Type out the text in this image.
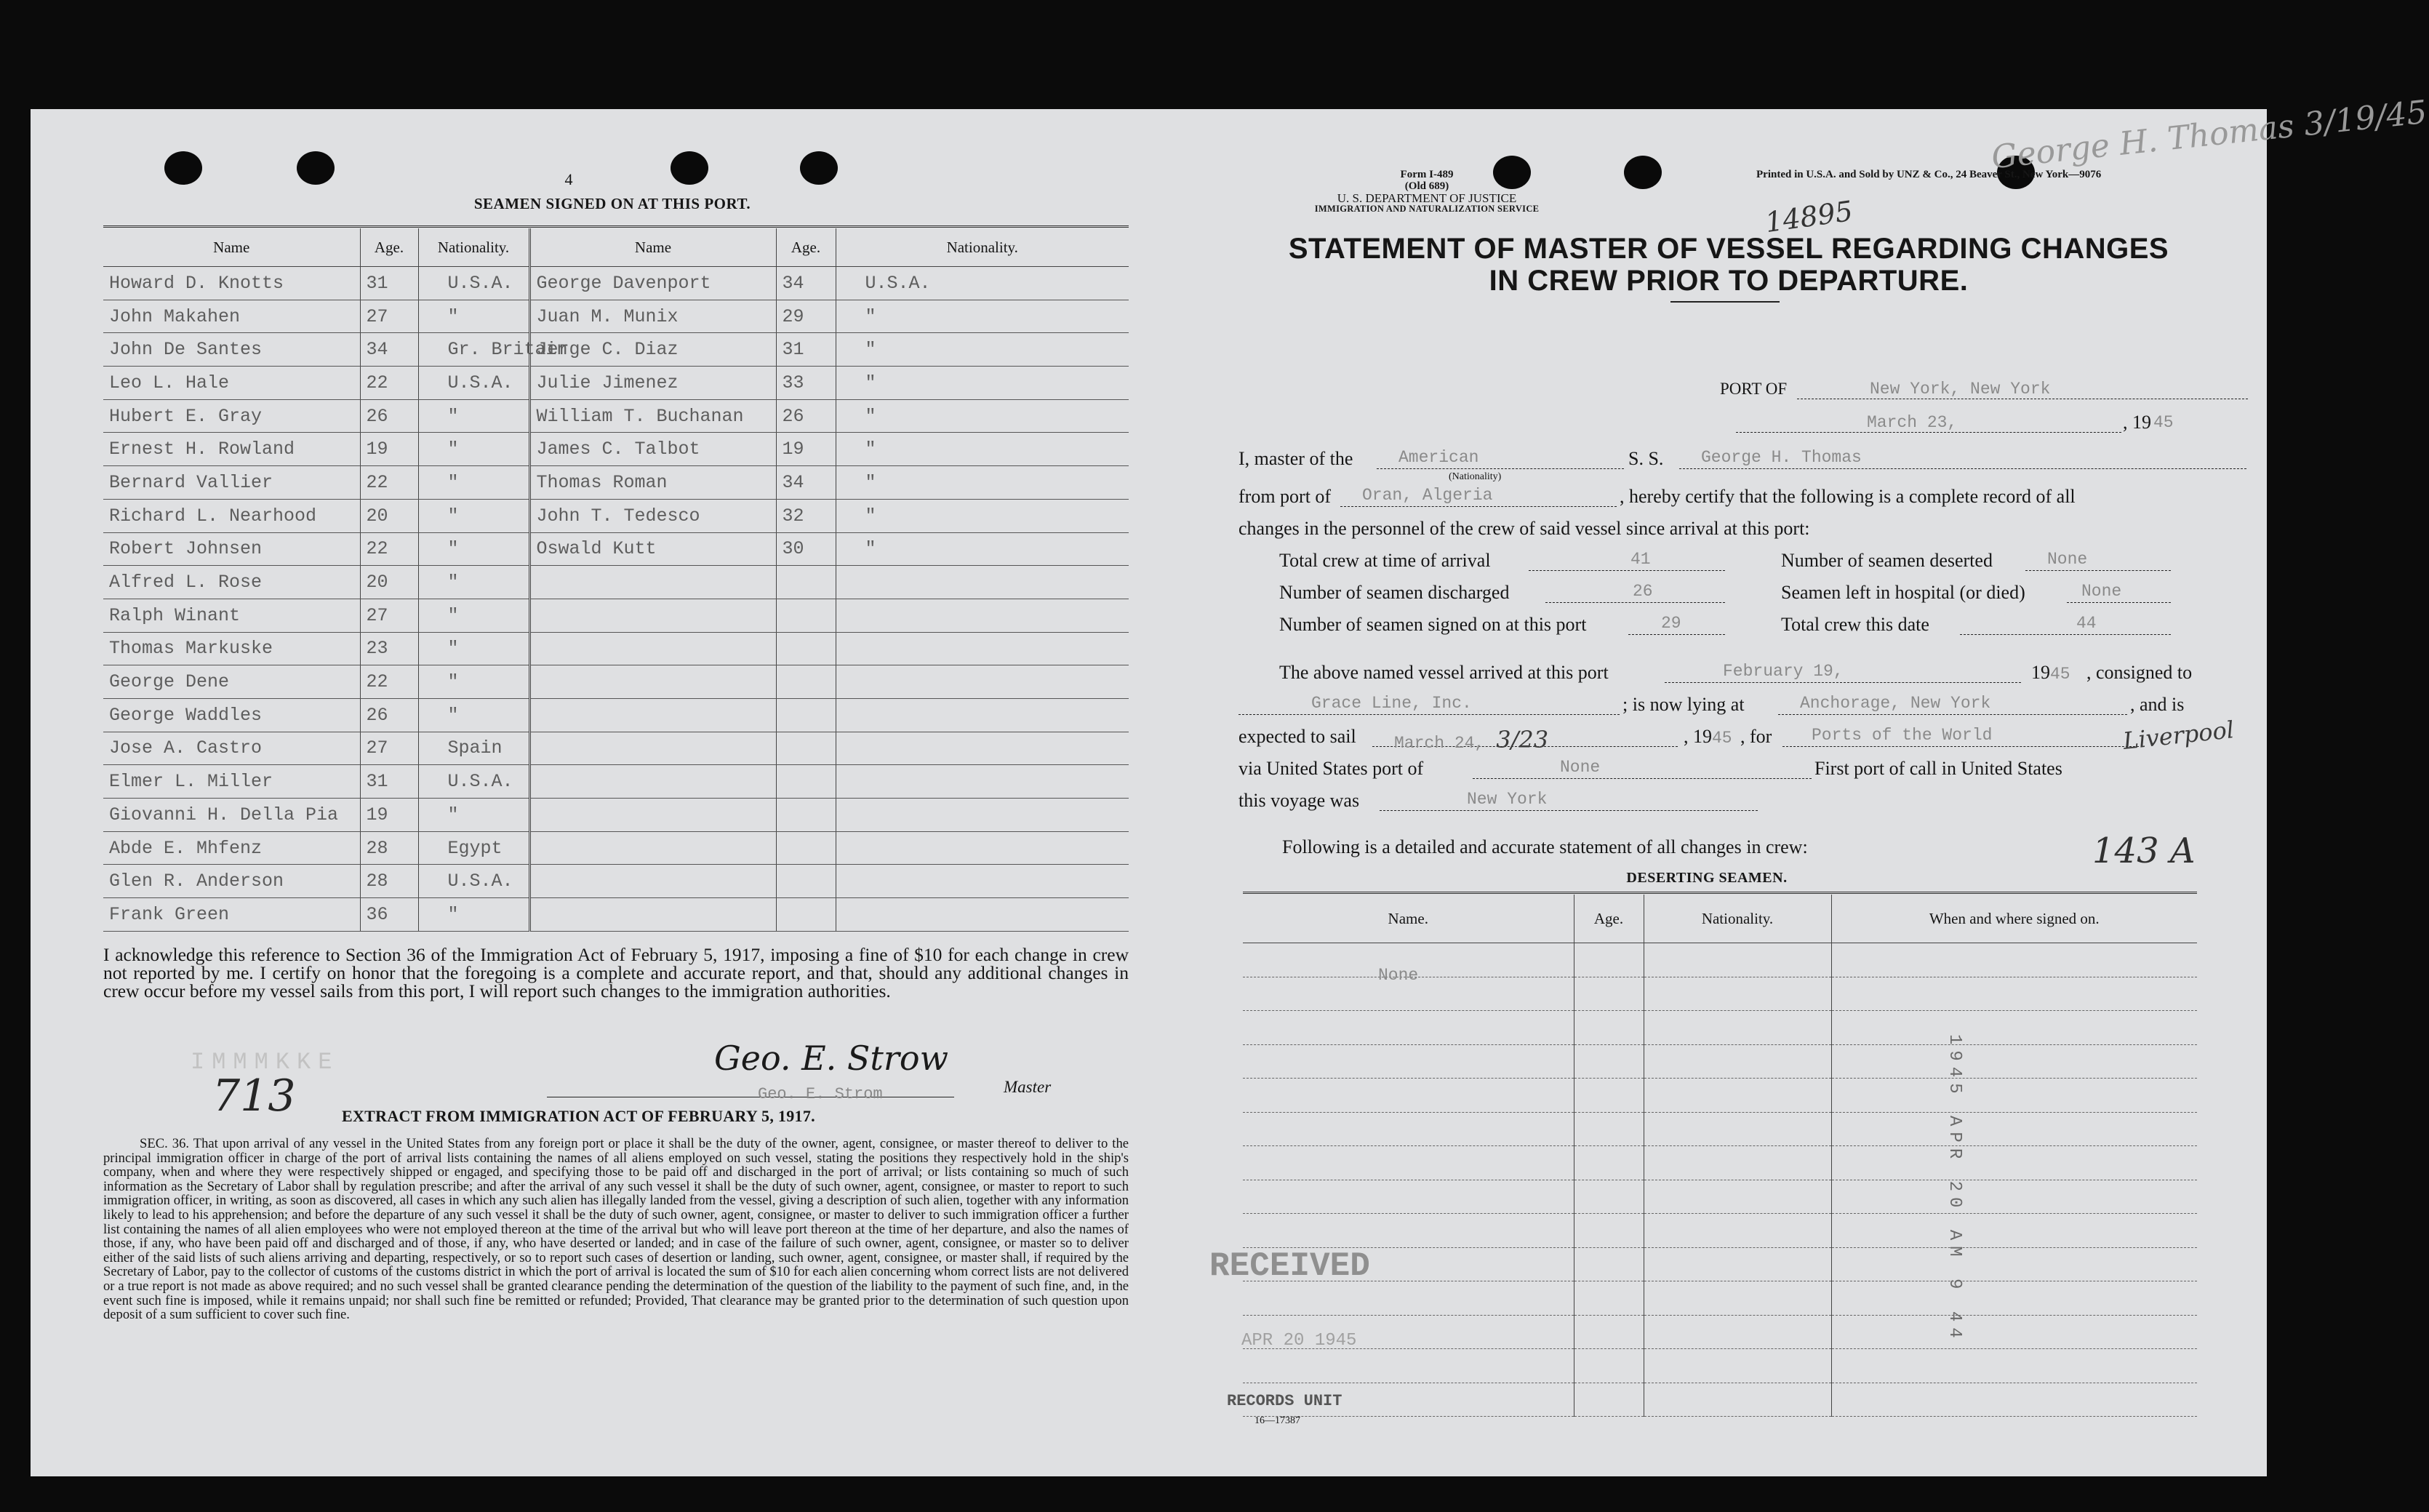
4
SEAMEN SIGNED ON AT THIS PORT.
Name	Age.	Nationality.	Name	Age.	Nationality.
Howard D. Knotts	31	U.S.A.	George Davenport	34	U.S.A.
John Makahen	27	"	Juan M. Munix	29	"
John De Santes	34	Gr. Britain	Jerge C. Diaz	31	"
Leo L. Hale	22	U.S.A.	Julie Jimenez	33	"
Hubert E. Gray	26	"	William T. Buchanan	26	"
Ernest H. Rowland	19	"	James C. Talbot	19	"
Bernard Vallier	22	"	Thomas Roman	34	"
Richard L. Nearhood	20	"	John T. Tedesco	32	"
Robert Johnsen	22	"	Oswald Kutt	30	"
Alfred L. Rose	20	"			
Ralph Winant	27	"			
Thomas Markuske	23	"			
George Dene	22	"			
George Waddles	26	"			
Jose A. Castro	27	Spain			
Elmer L. Miller	31	U.S.A.			
Giovanni H. Della Pia	19	"			
Abde E. Mhfenz	28	Egypt			
Glen R. Anderson	28	U.S.A.			
Frank Green	36	"			
I acknowledge this reference to Section 36 of the Immigration Act of February 5, 1917, imposing a fine of $10 for each change in crew not reported by me. I certify on honor that the foregoing is a complete and accurate report, and that, should any additional changes in crew occur before my vessel sails from this port, I will report such changes to the immigration authorities.
IMMMKKE
713
Geo. E. Strow
Geo. E. Strom	Master
EXTRACT FROM IMMIGRATION ACT OF FEBRUARY 5, 1917.
SEC. 36. That upon arrival of any vessel in the United States from any foreign port or place it shall be the duty of the owner, agent, consignee, or master thereof to deliver to the principal immigration officer in charge of the port of arrival lists containing the names of all aliens employed on such vessel, stating the positions they respectively hold in the ship's company, when and where they were respectively shipped or engaged, and specifying those to be paid off and discharged in the port of arrival; or lists containing so much of such information as the Secretary of Labor shall by regulation prescribe; and after the arrival of any such vessel it shall be the duty of such owner, agent, consignee, or master to report to such immigration officer, in writing, as soon as discovered, all cases in which any such alien has illegally landed from the vessel, giving a description of such alien, together with any information likely to lead to his apprehension; and before the departure of any such vessel it shall be the duty of such owner, agent, consignee, or master to deliver to such immigration officer a further list containing the names of all alien employees who were not employed thereon at the time of the arrival but who will leave port thereon at the time of her departure, and also the names of those, if any, who have been paid off and discharged and of those, if any, who have deserted or landed; and in case of the failure of such owner, agent, consignee, or master so to deliver either of the said lists of such aliens arriving and departing, respectively, or so to report such cases of desertion or landing, such owner, agent, consignee, or master shall, if required by the Secretary of Labor, pay to the collector of customs of the customs district in which the port of arrival is located the sum of $10 for each alien concerning whom correct lists are not delivered or a true report is not made as above required; and no such vessel shall be granted clearance pending the determination of the question of the liability to the payment of such fine, and, in the event such fine is imposed, while it remains unpaid; nor shall such fine be remitted or refunded; Provided, That clearance may be granted prior to the determination of such question upon deposit of a sum sufficient to cover such fine.
George H. Thomas 3/19/45
Form I-489
(Old 689)
U. S. DEPARTMENT OF JUSTICE
IMMIGRATION AND NATURALIZATION SERVICE
Printed in U.S.A. and Sold by UNZ & Co., 24 Beaver St., New York—9076
14895
STATEMENT OF MASTER OF VESSEL REGARDING CHANGES
IN CREW PRIOR TO DEPARTURE.
PORT OF	New York, New York
March 23,	, 19 45
I, master of the	American
(Nationality)
S. S.	George H. Thomas
from port of	Oran, Algeria	, hereby certify that the following is a complete record of all
changes in the personnel of the crew of said vessel since arrival at this port:
Total crew at time of arrival	41	Number of seamen deserted	None
Number of seamen discharged	26	Seamen left in hospital (or died)	None
Number of seamen signed on at this port	29	Total crew this date	44
The above named vessel arrived at this port	February 19,	1945 , consigned to
Grace Line, Inc.	; is now lying at	Anchorage, New York	, and is
expected to sail	March 24, 3/23	, 1945 , for	Ports of the World	Liverpool
via United States port of	None	First port of call in United States
this voyage was	New York
Following is a detailed and accurate statement of all changes in crew:	143 A
DESERTING SEAMEN.
Name.	Age.	Nationality.	When and where signed on.

None
1945 APR 20 AM 9 44
RECEIVED
APR 20 1945
RECORDS UNIT
16—17387
